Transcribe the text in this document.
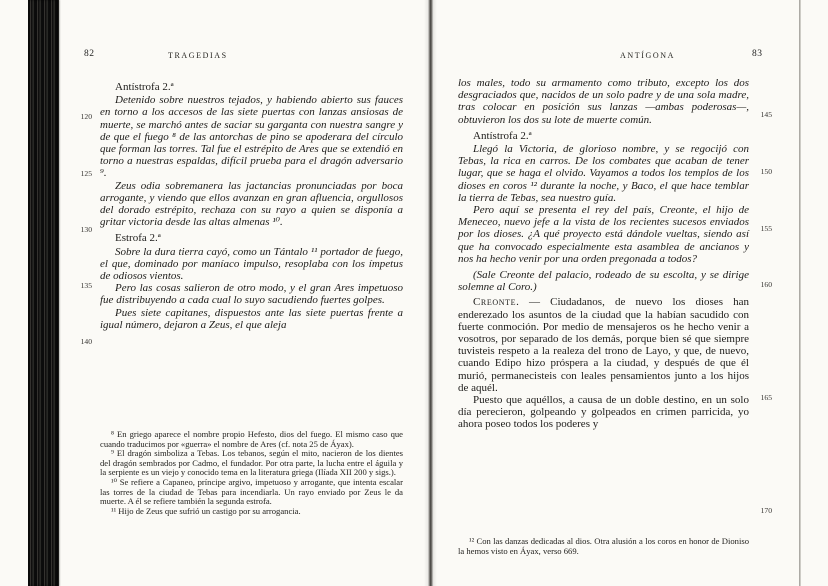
82	TRAGEDIAS
120
125
130
135
140

Antístrofa 2.ª

Detenido sobre nuestros tejados, y habiendo abierto sus fauces en torno a los accesos de las siete puertas con lanzas ansiosas de muerte, se marchó antes de saciar su garganta con nuestra sangre y de que el fuego ⁸ de las antorchas de pino se apoderara del círculo que forman las torres. Tal fue el estrépito de Ares que se extendió en torno a nuestras espaldas, difícil prueba para el dragón adversario ⁹.

Zeus odia sobremanera las jactancias pronunciadas por boca arrogante, y viendo que ellos avanzan en gran afluencia, orgullosos del dorado estrépito, rechaza con su rayo a quien se disponía a gritar victoria desde las altas almenas ¹⁰.

Estrofa 2.ª

Sobre la dura tierra cayó, como un Tántalo ¹¹ portador de fuego, el que, dominado por maníaco impulso, resoplaba con los ímpetus de odiosos vientos.

Pero las cosas salieron de otro modo, y el gran Ares impetuoso fue distribuyendo a cada cual lo suyo sacudiendo fuertes golpes.

Pues siete capitanes, dispuestos ante las siete puertas frente a igual número, dejaron a Zeus, el que aleja

⁸ En griego aparece el nombre propio Hefesto, dios del fuego. El mismo caso que cuando traducimos por «guerra» el nombre de Ares (cf. nota 25 de Áyax).

⁹ El dragón simboliza a Tebas. Los tebanos, según el mito, nacieron de los dientes del dragón sembrados por Cadmo, el fundador. Por otra parte, la lucha entre el águila y la serpiente es un viejo y conocido tema en la literatura griega (Ilíada XII 200 y sigs.).

¹⁰ Se refiere a Capaneo, príncipe argivo, impetuoso y arrogante, que intenta escalar las torres de la ciudad de Tebas para incendiarla. Un rayo enviado por Zeus le da muerte. A él se refiere también la segunda estrofa.

¹¹ Hijo de Zeus que sufrió un castigo por su arrogancia.

ANTÍGONA	83
145
150
155
160
165
170

los males, todo su armamento como tributo, excepto los dos desgraciados que, nacidos de un solo padre y de una sola madre, tras colocar en posición sus lanzas —ambas poderosas—, obtuvieron los dos su lote de muerte común.

Antístrofa 2.ª

Llegó la Victoria, de glorioso nombre, y se regocijó con Tebas, la rica en carros. De los combates que acaban de tener lugar, que se haga el olvido. Vayamos a todos los templos de los dioses en coros ¹² durante la noche, y Baco, el que hace temblar la tierra de Tebas, sea nuestro guía.

Pero aquí se presenta el rey del país, Creonte, el hijo de Meneceo, nuevo jefe a la vista de los recientes sucesos enviados por los dioses. ¿A qué proyecto está dándole vueltas, siendo así que ha convocado especialmente esta asamblea de ancianos y nos ha hecho venir por una orden pregonada a todos?

(Sale Creonte del palacio, rodeado de su escolta, y se dirige solemne al Coro.)

Creonte. — Ciudadanos, de nuevo los dioses han enderezado los asuntos de la ciudad que la habían sacudido con fuerte conmoción. Por medio de mensajeros os he hecho venir a vosotros, por separado de los demás, porque bien sé que siempre tuvisteis respeto a la realeza del trono de Layo, y que, de nuevo, cuando Edipo hizo próspera a la ciudad, y después de que él murió, permanecisteis con leales pensamientos junto a los hijos de aquél.

Puesto que aquéllos, a causa de un doble destino, en un solo día perecieron, golpeando y golpeados en crimen parricida, yo ahora poseo todos los poderes y

¹² Con las danzas dedicadas al dios. Otra alusión a los coros en honor de Dioniso la hemos visto en Áyax, verso 669.
